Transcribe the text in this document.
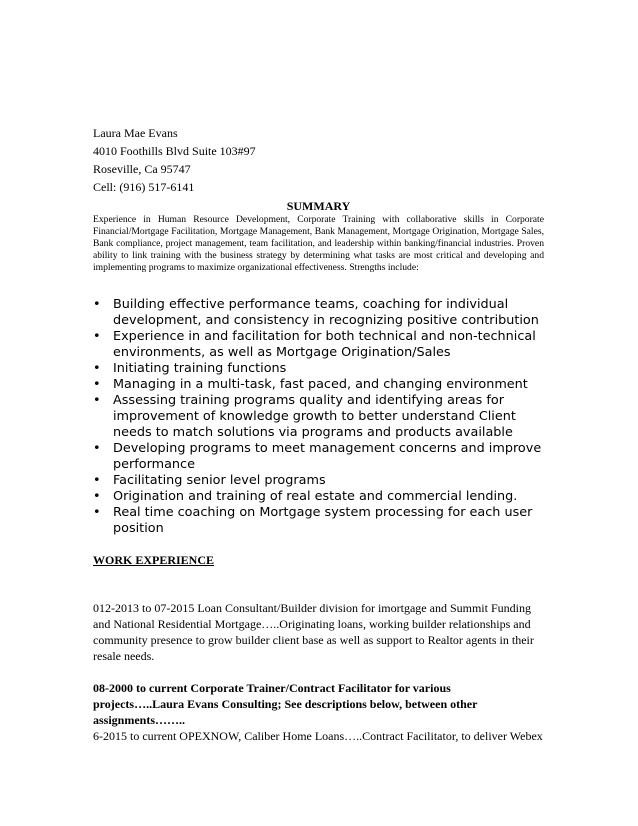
Laura Mae Evans
4010 Foothills Blvd Suite 103#97
Roseville, Ca 95747
Cell: (916) 517-6141
SUMMARY
Experience in Human Resource Development, Corporate Training with collaborative skills in Corporate Financial/Mortgage Facilitation, Mortgage Management, Bank Management, Mortgage Origination, Mortgage Sales, Bank compliance, project management, team facilitation, and leadership within banking/financial industries. Proven ability to link training with the business strategy by determining what tasks are most critical and developing and implementing programs to maximize organizational effectiveness. Strengths include:
• Building effective performance teams, coaching for individual development, and consistency in recognizing positive contribution
• Experience in and facilitation for both technical and non-technical environments, as well as Mortgage Origination/Sales
• Initiating training functions
• Managing in a multi-task, fast paced, and changing environment
• Assessing training programs quality and identifying areas for improvement of knowledge growth to better understand Client needs to match solutions via programs and products available
• Developing programs to meet management concerns and improve performance
• Facilitating senior level programs
• Origination and training of real estate and commercial lending.
• Real time coaching on Mortgage system processing for each user position
WORK EXPERIENCE
012-2013 to 07-2015 Loan Consultant/Builder division for imortgage and Summit Funding and National Residential Mortgage…..Originating loans, working builder relationships and community presence to grow builder client base as well as support to Realtor agents in their resale needs.
08-2000 to current Corporate Trainer/Contract Facilitator for various projects…..Laura Evans Consulting; See descriptions below, between other assignments……..
6-2015 to current OPEXNOW, Caliber Home Loans…..Contract Facilitator, to deliver Webex
